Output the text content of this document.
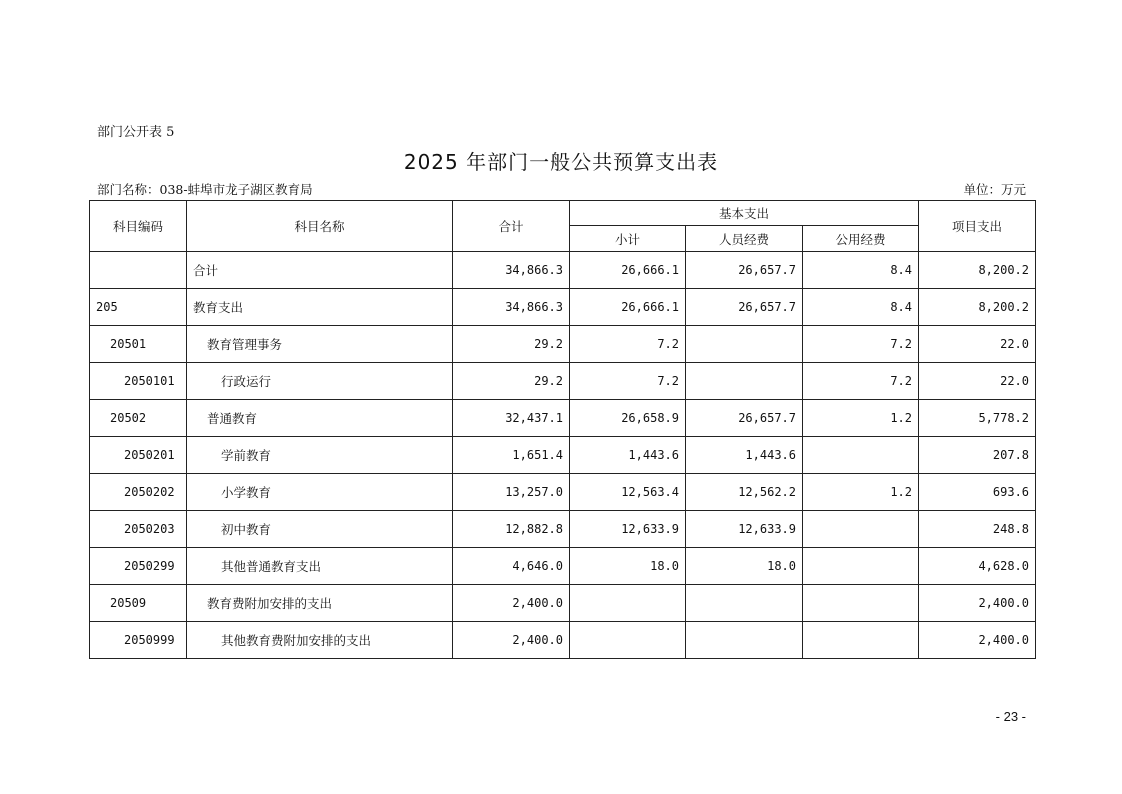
部门公开表 5
2025 年部门一般公共预算支出表
部门名称：038-蚌埠市龙子湖区教育局	单位：万元
科目编码	科目名称	合计	基本支出			项目支出
			小计	人员经费	公用经费	
	合计	34,866.3	26,666.1	26,657.7	8.4	8,200.2
205	教育支出	34,866.3	26,666.1	26,657.7	8.4	8,200.2
20501	教育管理事务	29.2	7.2		7.2	22.0
2050101	行政运行	29.2	7.2		7.2	22.0
20502	普通教育	32,437.1	26,658.9	26,657.7	1.2	5,778.2
2050201	学前教育	1,651.4	1,443.6	1,443.6		207.8
2050202	小学教育	13,257.0	12,563.4	12,562.2	1.2	693.6
2050203	初中教育	12,882.8	12,633.9	12,633.9		248.8
2050299	其他普通教育支出	4,646.0	18.0	18.0		4,628.0
20509	教育费附加安排的支出	2,400.0				2,400.0
2050999	其他教育费附加安排的支出	2,400.0				2,400.0
- 23 -
